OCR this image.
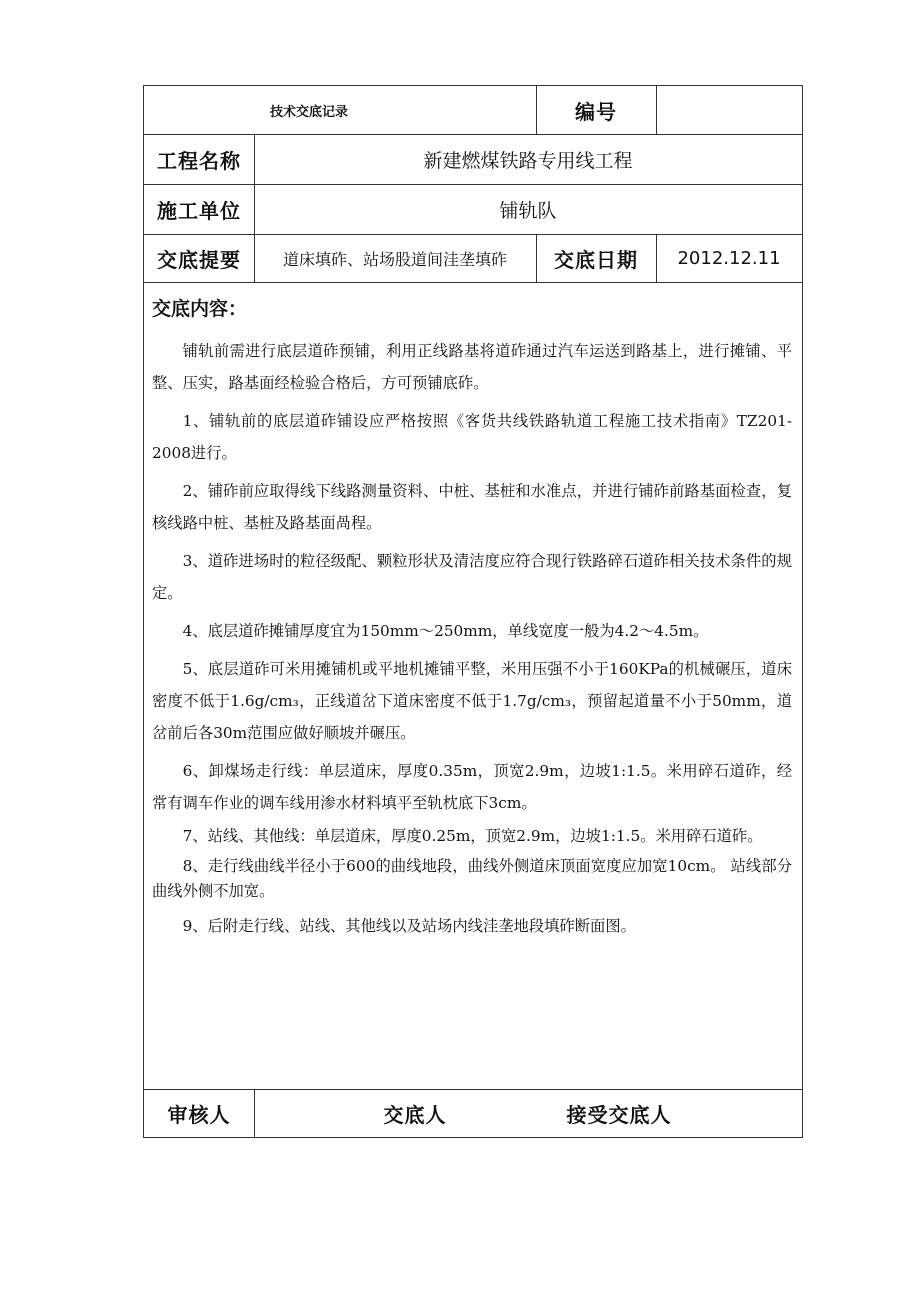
技术交底记录	编号
工程名称	新建燃煤铁路专用线工程
施工单位	铺轨队
交底提要	道床填砟、站场股道间洼垄填砟	交底日期	2012.12.11
交底内容：

铺轨前需进行底层道砟预铺，利用正线路基将道砟通过汽车运送到路基上，进行摊铺、平整、压实，路基面经检验合格后，方可预铺底砟。

1、铺轨前的底层道砟铺设应严格按照《客货共线铁路轨道工程施工技术指南》TZ201-2008进行。

2、铺砟前应取得线下线路测量资料、中桩、基桩和水准点，并进行铺砟前路基面检查，复核线路中桩、基桩及路基面咼程。

3、道砟进场时的粒径级配、颗粒形状及清洁度应符合现行铁路碎石道砟相关技术条件的规定。

4、底层道砟摊铺厚度宜为150mm～250mm，单线宽度一般为4.2～4.5m。

5、底层道砟可米用摊铺机或平地机摊铺平整，米用压强不小于160KPa的机械碾压，道床密度不低于1.6g/cm₃，正线道岔下道床密度不低于1.7g/cm₃，预留起道量不小于50mm，道岔前后各30m范围应做好顺坡并碾压。

6、卸煤场走行线：单层道床，厚度0.35m，顶宽2.9m，边坡1:1.5。米用碎石道砟，经常有调车作业的调车线用渗水材料填平至轨枕底下3cm。

7、站线、其他线：单层道床，厚度0.25m，顶宽2.9m，边坡1:1.5。米用碎石道砟。

8、走行线曲线半径小于600的曲线地段，曲线外侧道床顶面宽度应加宽10cm。 站线部分曲线外侧不加宽。

9、后附走行线、站线、其他线以及站场内线洼垄地段填砟断面图。

审核人	交底人	接受交底人
